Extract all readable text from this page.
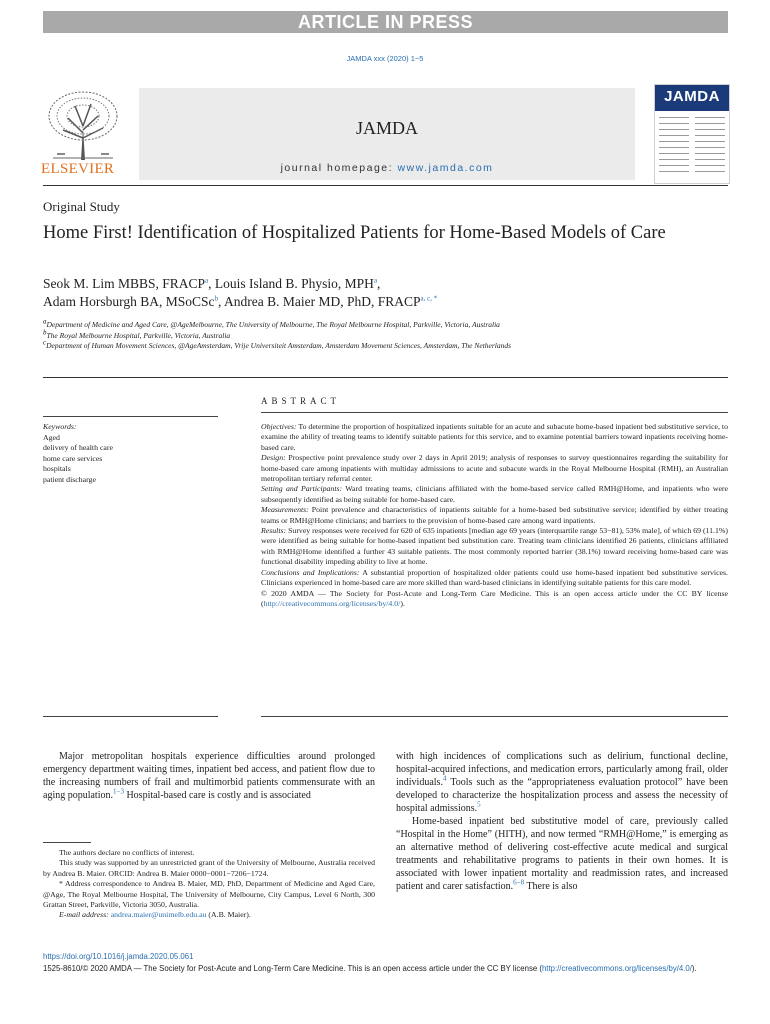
ARTICLE IN PRESS
JAMDA xxx (2020) 1−5
ELSEVIER
JAMDA
journal homepage: www.jamda.com
JAMDA
Original Study
Home First! Identification of Hospitalized Patients for Home-Based Models of Care
Seok M. Lim MBBS, FRACP$^a$, Louis Island B. Physio, MPH$^a$,
Adam Horsburgh BA, MSoCSc$^b$, Andrea B. Maier MD, PhD, $FRACP^{a, c, *}$
$^a$Department of Medicine and Aged Care, @AgeMelbourne, The University of Melbourne, The Royal Melbourne Hospital, Parkville, Victoria, Australia
$^b$The Royal Melbourne Hospital, Parkville, Victoria, Australia
$^c$Department of Human Movement Sciences, @AgeAmsterdam, Vrije Universiteit Amsterdam, Amsterdam Movement Sciences, Amsterdam, The Netherlands
ABSTRACT
Keywords:
Aged
delivery of health care
home care services
hospitals
patient discharge

Objectives: To determine the proportion of hospitalized inpatients suitable for an acute and subacute home-based inpatient bed substitutive service, to examine the ability of treating teams to identify suitable patients for this service, and to examine potential barriers toward inpatients receiving home-based care.

Design: Prospective point prevalence study over 2 days in April 2019; analysis of responses to survey questionnaires regarding the suitability for home-based care among inpatients with multiday admissions to acute and subacute wards in the Royal Melbourne Hospital (RMH), an Australian metropolitan tertiary referral center.

Setting and Participants: Ward treating teams, clinicians affiliated with the home-based service called RMH@Home, and inpatients who were subsequently identified as being suitable for home-based care.

Measurements: Point prevalence and characteristics of inpatients suitable for a home-based bed substitutive service; identified by either treating teams or RMH@Home clinicians; and barriers to the provision of home-based care among ward inpatients.

Results: Survey responses were received for 620 of 635 inpatients [median age 69 years (interquartile range 53−81), 53% male], of which 69 (11.1%) were identified as being suitable for home-based inpatient bed substitution care. Treating team clinicians identified 26 patients, clinicians affiliated with RMH@Home identified a further 43 suitable patients. The most commonly reported barrier (38.1%) toward receiving home-based care was functional disability impeding ability to live at home.

Conclusions and Implications: A substantial proportion of hospitalized older patients could use home-based inpatient bed substitutive services. Clinicians experienced in home-based care are more skilled than ward-based clinicians in identifying suitable patients for this care model.

© 2020 AMDA — The Society for Post-Acute and Long-Term Care Medicine. This is an open access article under the CC BY license (http://creativecommons.org/licenses/by/4.0/).

Major metropolitan hospitals experience difficulties around prolonged emergency department waiting times, inpatient bed access, and patient flow due to the increasing numbers of frail and multimorbid patients commensurate with an aging population.$^{1-3}$ Hospital-based care is costly and is associated

The authors declare no conflicts of interest.

This study was supported by an unrestricted grant of the University of Melbourne, Australia received by Andrea B. Maier. ORCID: Andrea B. Maier 0000−0001−7206−1724.

* Address correspondence to Andrea B. Maier, MD, PhD, Department of Medicine and Aged Care, @Age, The Royal Melbourne Hospital, The University of Melbourne, City Campus, Level 6 North, 300 Grattan Street, Parkville, Victoria 3050, Australia.

E-mail address: andrea.maier@unimelb.edu.au (A.B. Maier).

with high incidences of complications such as delirium, functional decline, hospital-acquired infections, and medication errors, particularly among frail, older individuals.$^4$ Tools such as the “appropriateness evaluation protocol” have been developed to characterize the hospitalization process and assess the necessity of hospital admissions.$^5$

Home-based inpatient bed substitutive model of care, previously called “Hospital in the Home” (HITH), and now termed “RMH@Home,” is emerging as an alternative method of delivering cost-effective acute medical and surgical treatments and rehabilitative programs to patients in their own homes. It is associated with lower inpatient mortality and readmission rates, and increased patient and carer satisfaction.$^{6-8}$ There is also

https://doi.org/10.1016/j.jamda.2020.05.061
1525-8610/© 2020 AMDA — The Society for Post-Acute and Long-Term Care Medicine. This is an open access article under the CC BY license (http://creativecommons.org/licenses/by/4.0/).
